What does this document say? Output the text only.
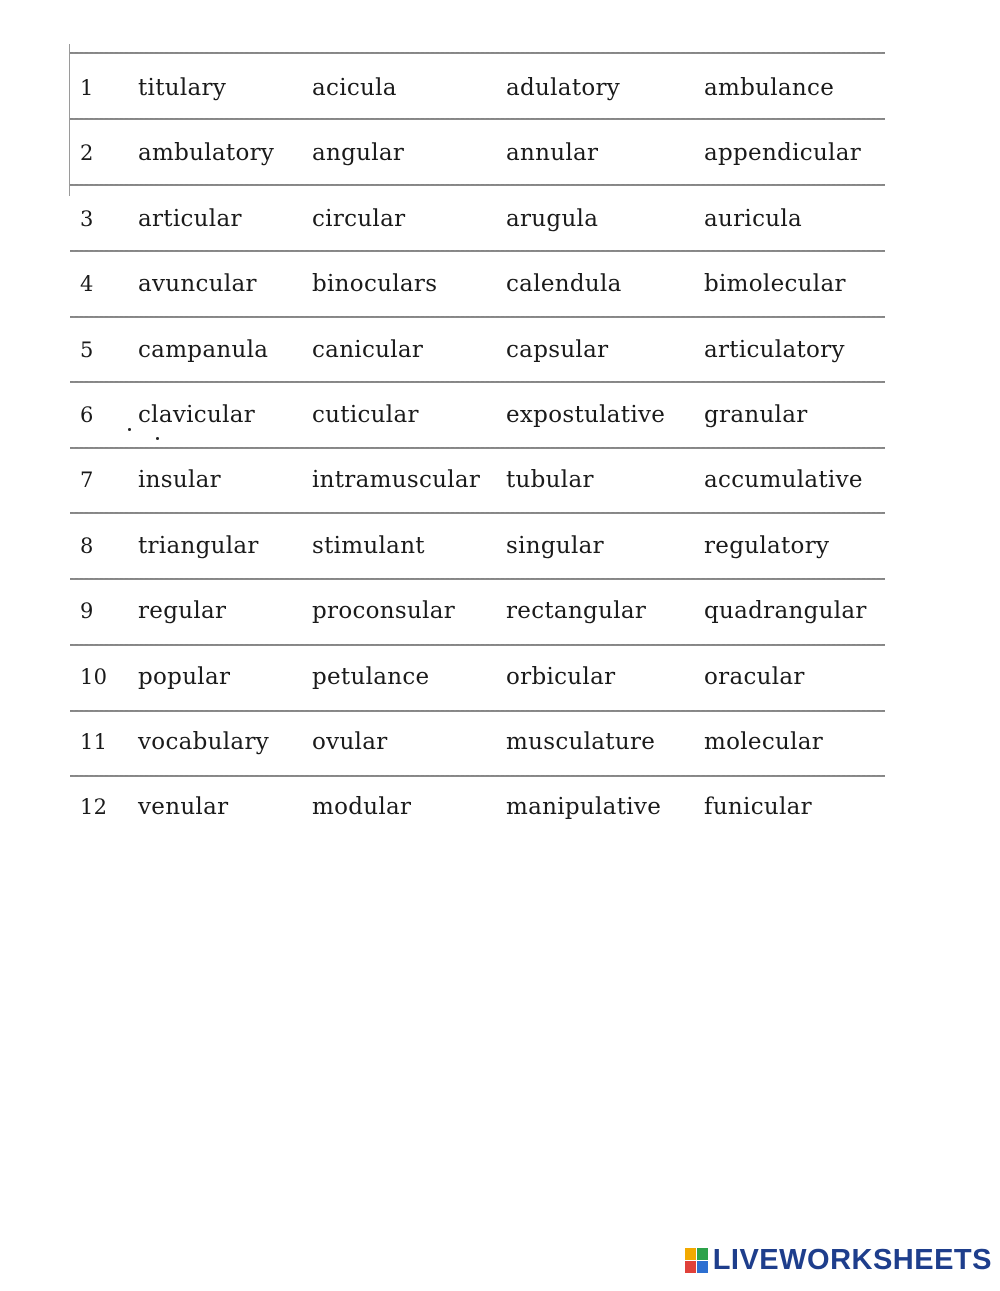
1 titulary	acicula	adulatory	ambulance
2 ambulatory angular	annular	appendicular
3 articular	circular	arugula	auricula
4 avuncular binoculars	calendula	bimolecular
5 campanula canicular	capsular	articulatory
6 clavicular cuticular	expostulative granular
7 insular	intramuscular tubular	accumulative
8 triangular stimulant	singular	regulatory
9 regular	proconsular rectangular	quadrangular
10 popular	petulance	orbicular	oracular
11 vocabulary ovular	musculature molecular
12 venular	modular	manipulative funicular
LIVEWORKSHEETS
